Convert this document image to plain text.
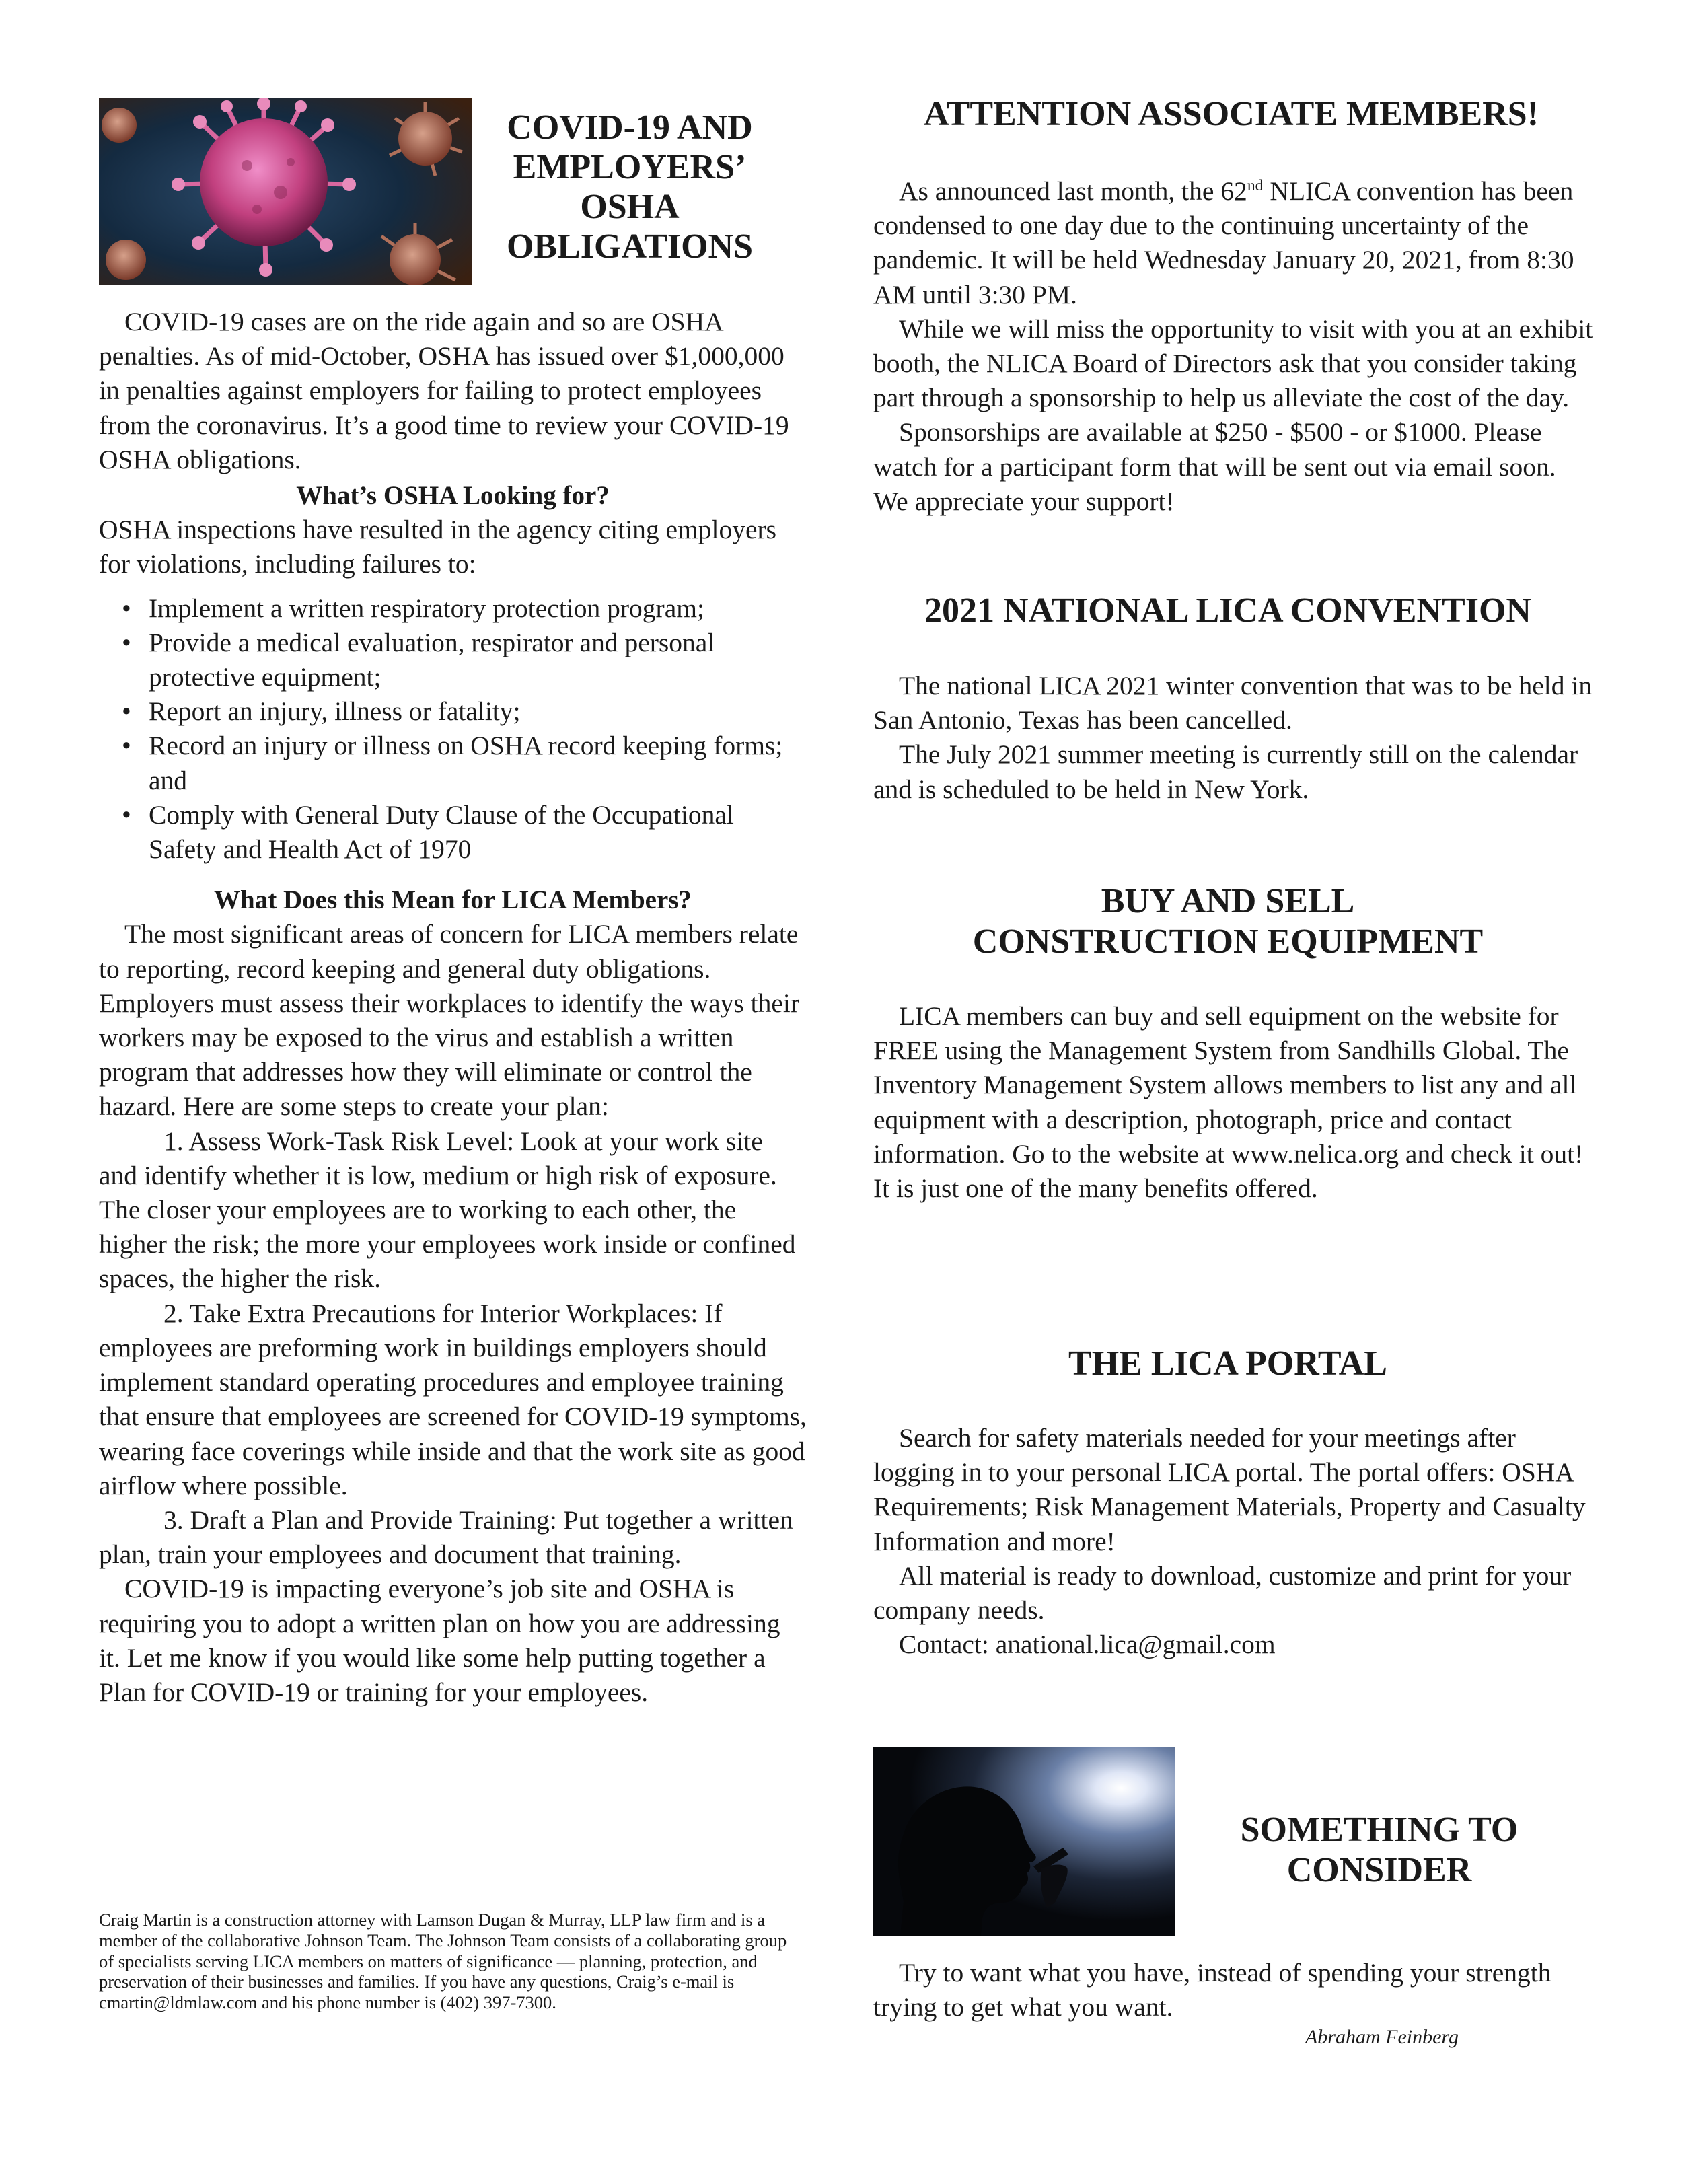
COVID-19 AND
EMPLOYERS’
OSHA
OBLIGATIONS

COVID-19 cases are on the ride again and so are OSHA penalties. As of mid-October, OSHA has issued over $1,000,000 in penalties against employers for failing to protect employees from the coronavirus. It’s a good time to review your COVID-19 OSHA obligations.

What’s OSHA Looking for?

OSHA inspections have resulted in the agency citing employers for violations, including failures to:

• Implement a written respiratory protection program;
• Provide a medical evaluation, respirator and personal protective equipment;
• Report an injury, illness or fatality;
• Record an injury or illness on OSHA record keeping forms; and
• Comply with General Duty Clause of the Occupational Safety and Health Act of 1970

What Does this Mean for LICA Members?

The most significant areas of concern for LICA members relate to reporting, record keeping and general duty obligations. Employers must assess their workplaces to identify the ways their workers may be exposed to the virus and establish a written program that addresses how they will eliminate or control the hazard. Here are some steps to create your plan:

1. Assess Work-Task Risk Level: Look at your work site and identify whether it is low, medium or high risk of exposure. The closer your employees are to working to each other, the higher the risk; the more your employees work inside or confined spaces, the higher the risk.

2. Take Extra Precautions for Interior Workplaces: If employees are preforming work in buildings employers should implement standard operating procedures and employee training that ensure that employees are screened for COVID-19 symptoms, wearing face coverings while inside and that the work site as good airflow where possible.

3. Draft a Plan and Provide Training: Put together a written plan, train your employees and document that training.

COVID-19 is impacting everyone’s job site and OSHA is requiring you to adopt a written plan on how you are addressing it. Let me know if you would like some help putting together a Plan for COVID-19 or training for your employees.

Craig Martin is a construction attorney with Lamson Dugan & Murray, LLP law firm and is a member of the collaborative Johnson Team. The Johnson Team consists of a collaborating group of specialists serving LICA members on matters of significance — planning, protection, and preservation of their businesses and families. If you have any questions, Craig’s e-mail is cmartin@ldmlaw.com and his phone number is (402) 397-7300.

ATTENTION ASSOCIATE MEMBERS!

As announced last month, the 62nd NLICA convention has been condensed to one day due to the continuing uncertainty of the pandemic. It will be held Wednesday January 20, 2021, from 8:30 AM until 3:30 PM.

While we will miss the opportunity to visit with you at an exhibit booth, the NLICA Board of Directors ask that you consider taking part through a sponsorship to help us alleviate the cost of the day.

Sponsorships are available at $250 - $500 - or $1000. Please watch for a participant form that will be sent out via email soon. We appreciate your support!

2021 NATIONAL LICA CONVENTION

The national LICA 2021 winter convention that was to be held in San Antonio, Texas has been cancelled.

The July 2021 summer meeting is currently still on the calendar and is scheduled to be held in New York.

BUY AND SELL
CONSTRUCTION EQUIPMENT

LICA members can buy and sell equipment on the website for FREE using the Management System from Sandhills Global. The Inventory Management System allows members to list any and all equipment with a description, photograph, price and contact information. Go to the website at www.nelica.org and check it out! It is just one of the many benefits offered.

THE LICA PORTAL

Search for safety materials needed for your meetings after logging in to your personal LICA portal. The portal offers: OSHA Requirements; Risk Management Materials, Property and Casualty Information and more!

All material is ready to download, customize and print for your company needs.

Contact: anational.lica@gmail.com

SOMETHING TO
CONSIDER

Try to want what you have, instead of spending your strength trying to get what you want.

Abraham Feinberg
